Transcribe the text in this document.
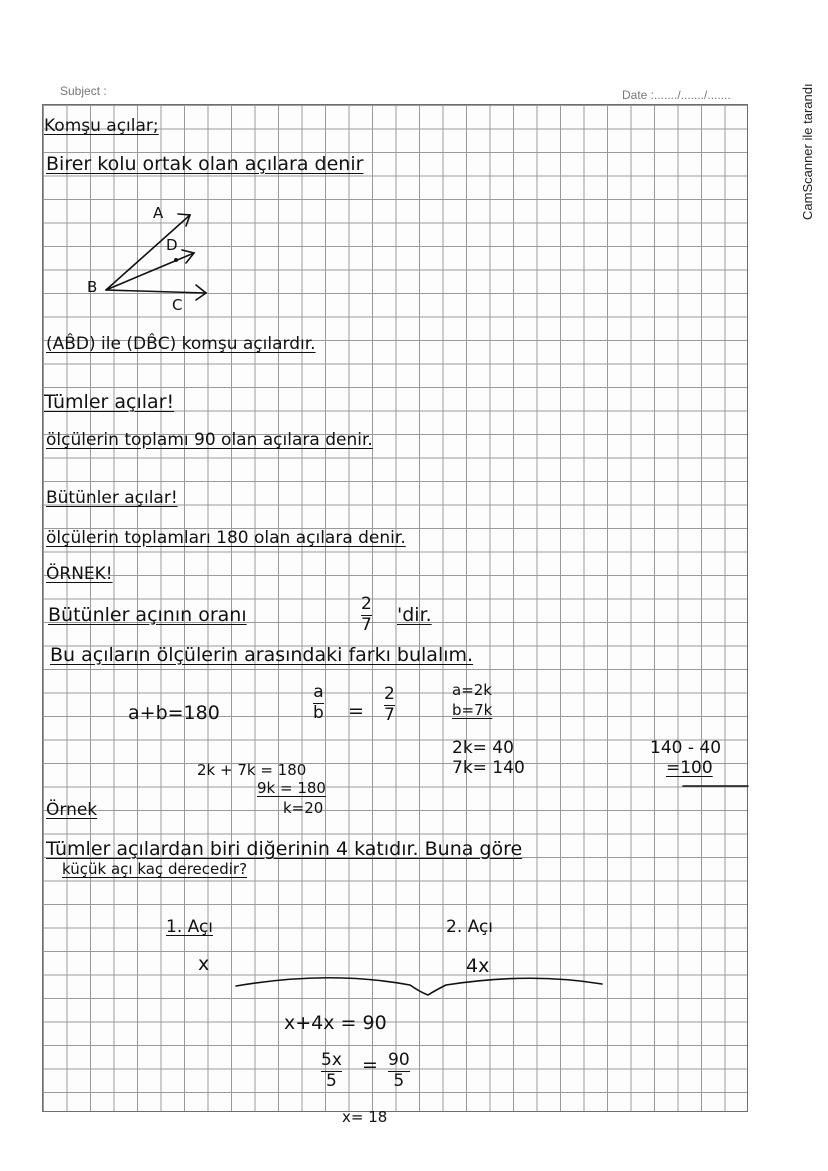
CamScanner ile tarandı
Subject :	Date :......./......./.......
Komşu açılar;
Birer kolu ortak olan açılara denir
A
D
B
C
(AB̂D) ile (DB̂C) komşu açılardır.
Tümler açılar!
ölçülerin toplamı 90 olan açılara denir.
Bütünler açılar!
ölçülerin toplamları 180 olan açılara denir.
ÖRNEK!
Bütünler açının oranı	2
7 'dir.
Bu açıların ölçülerin arasındaki farkı bulalım.
a+b=180
a
b =
2
7
a=2k
b=7k
2k + 7k = 180
9k = 180
k=20
2k= 40
7k= 140
140 - 40
=100
Örnek
Tümler açılardan biri diğerinin 4 katıdır. Buna göre
küçük açı kaç derecedir?
1. Açı
x
2. Açı
4x
x+4x = 90
5x
5
= 90
5
x= 18
